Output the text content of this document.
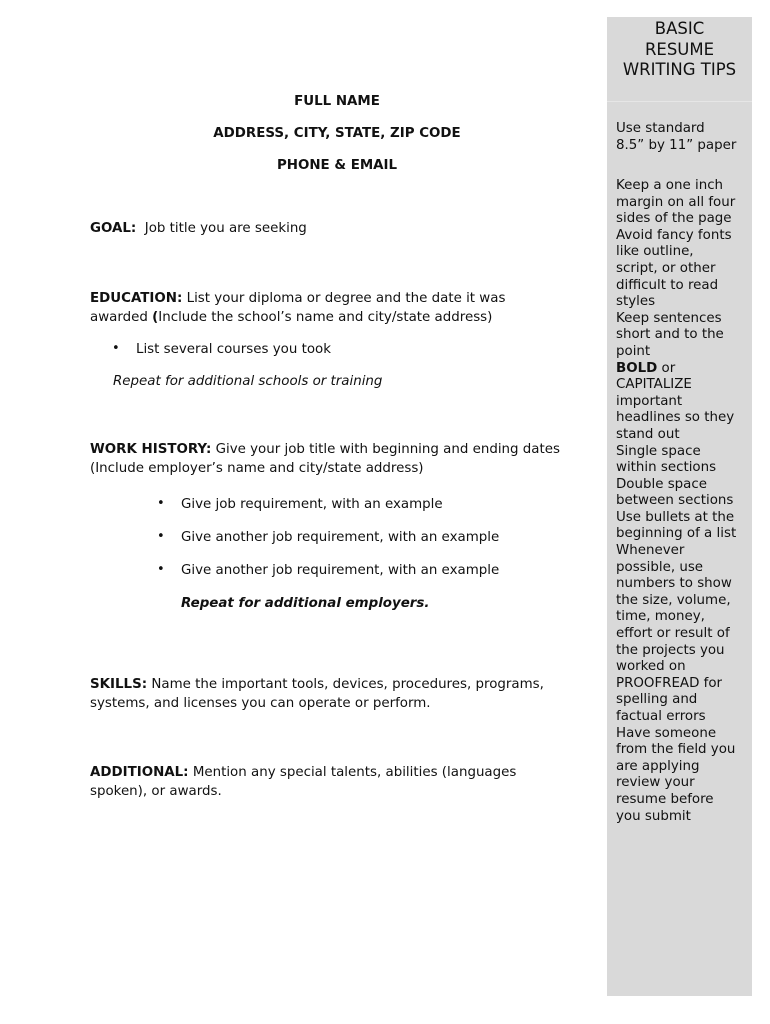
FULL NAME
ADDRESS, CITY, STATE, ZIP CODE
PHONE & EMAIL
GOAL: Job title you are seeking
EDUCATION: List your diploma or degree and the date it was
awarded (Include the school’s name and city/state address)
• List several courses you took
Repeat for additional schools or training
WORK HISTORY: Give your job title with beginning and ending dates
(Include employer’s name and city/state address)
• Give job requirement, with an example
• Give another job requirement, with an example
• Give another job requirement, with an example
Repeat for additional employers.
SKILLS: Name the important tools, devices, procedures, programs,
systems, and licenses you can operate or perform.
ADDITIONAL: Mention any special talents, abilities (languages
spoken), or awards.
BASIC
RESUME
WRITING TIPS
Use standard
8.5” by 11” paper
Keep a one inch
margin on all four
sides of the page
Avoid fancy fonts
like outline,
script, or other
difficult to read
styles
Keep sentences
short and to the
point
BOLD or
CAPITALIZE
important
headlines so they
stand out
Single space
within sections
Double space
between sections
Use bullets at the
beginning of a list
Whenever
possible, use
numbers to show
the size, volume,
time, money,
effort or result of
the projects you
worked on
PROOFREAD for
spelling and
factual errors
Have someone
from the field you
are applying
review your
resume before
you submit
